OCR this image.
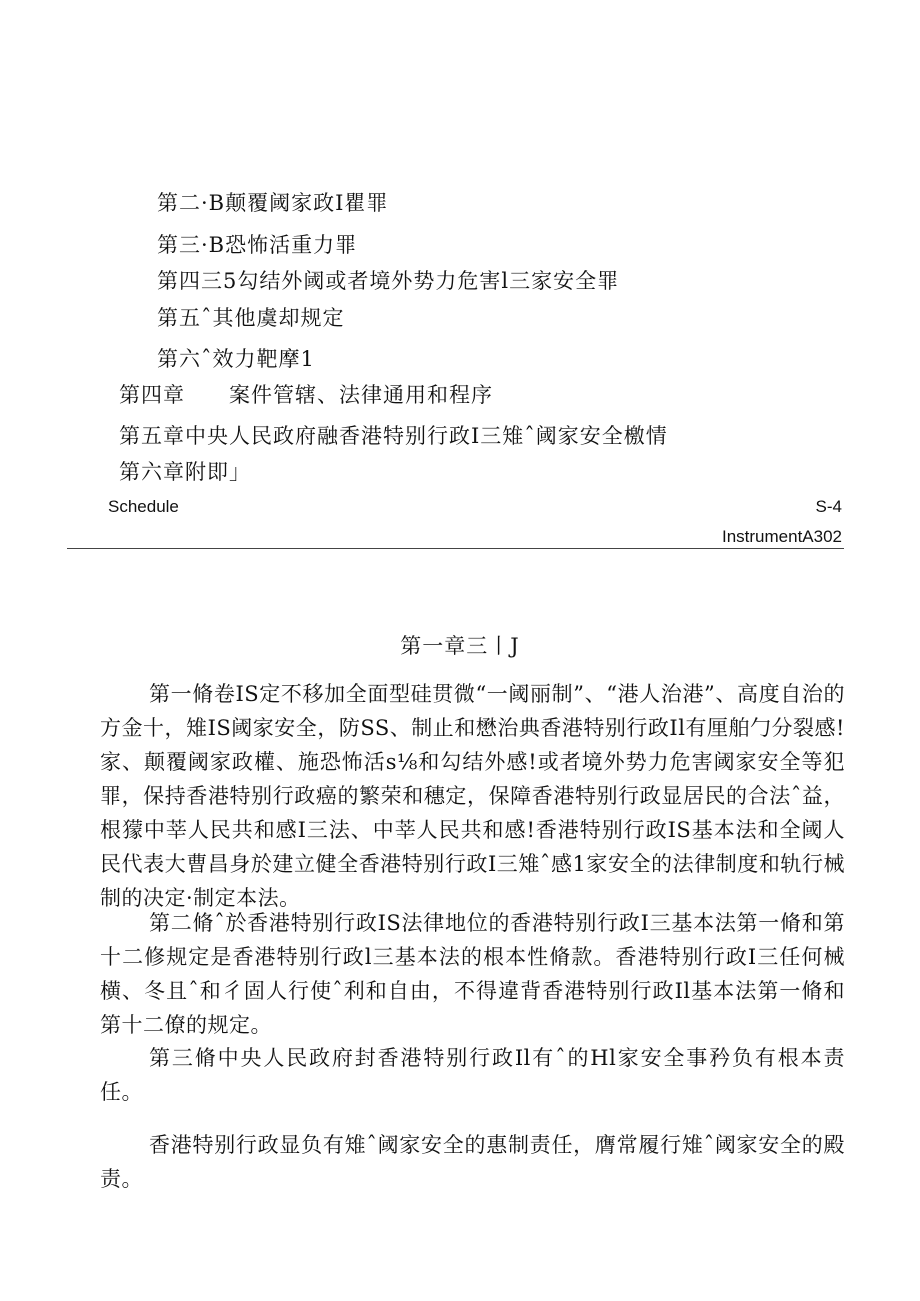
第二·B颠覆阈家政I瞿罪
第三·B恐怖活重力罪
第四三5勾结外阈或者境外势力危害l三家安全罪
第五ˆ其他虞却规定
第六ˆ效力靶摩1
第四章　　案件管辖、法律通用和程序
第五章中央人民政府融香港特别行政I三雉ˆ阈家安全檄情
第六章附即」
Schedule	S-4
InstrumentA302
第一章三丨J

第一脩卷IS定不移加全面型硅贯微“一阈丽制”、“港人治港”、高度自治的方金十，雉IS阈家安全，防SS、制止和懋治典香港特别行政Il有厘舶勹分裂感!家、颠覆阈家政權、施恐怖活s⅛和勾结外感!或者境外势力危害阈家安全等犯罪，保持香港特别行政癌的繁荣和穗定，保障香港特别行政显居民的合法ˆ益，根獴中莘人民共和感I三法、中莘人民共和感!香港特别行政IS基本法和全阈人民代表大曹昌身於建立健全香港特别行政I三雉ˆ感1家安全的法律制度和轨行械制的决定·制定本法。

第二脩ˆ於香港特别行政IS法律地位的香港特别行政I三基本法第一脩和第十二修规定是香港特别行政l三基本法的根本性脩款。香港特别行政I三任何械横、冬且ˆ和彳固人行使ˆ利和自由，不得違背香港特别行政Il基本法第一脩和第十二僚的规定。

第三脩中央人民政府封香港特别行政Il有ˆ的Hl家安全事矜负有根本责任。

香港特别行政显负有雉ˆ阈家安全的惠制责任，膺常履行雉ˆ阈家安全的殿责。
